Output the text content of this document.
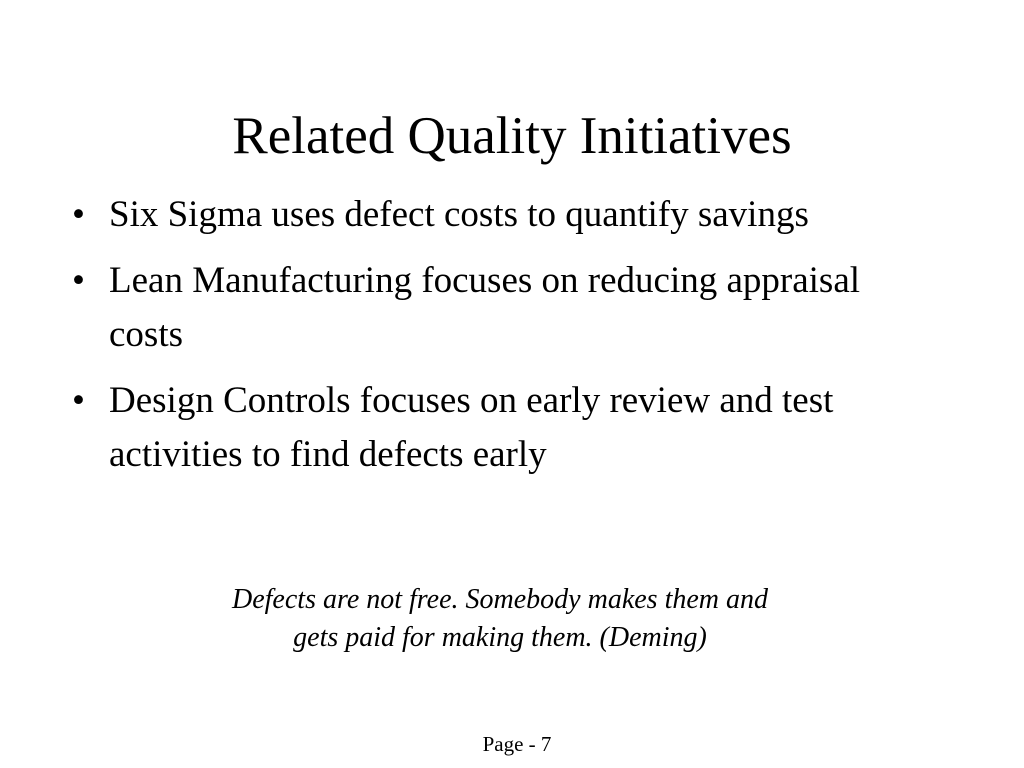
Related Quality Initiatives
• Six Sigma uses defect costs to quantify savings
• Lean Manufacturing focuses on reducing appraisal costs
• Design Controls focuses on early review and test activities to find defects early

Defects are not free. Somebody makes them and
gets paid for making them. (Deming)

Page - 7
